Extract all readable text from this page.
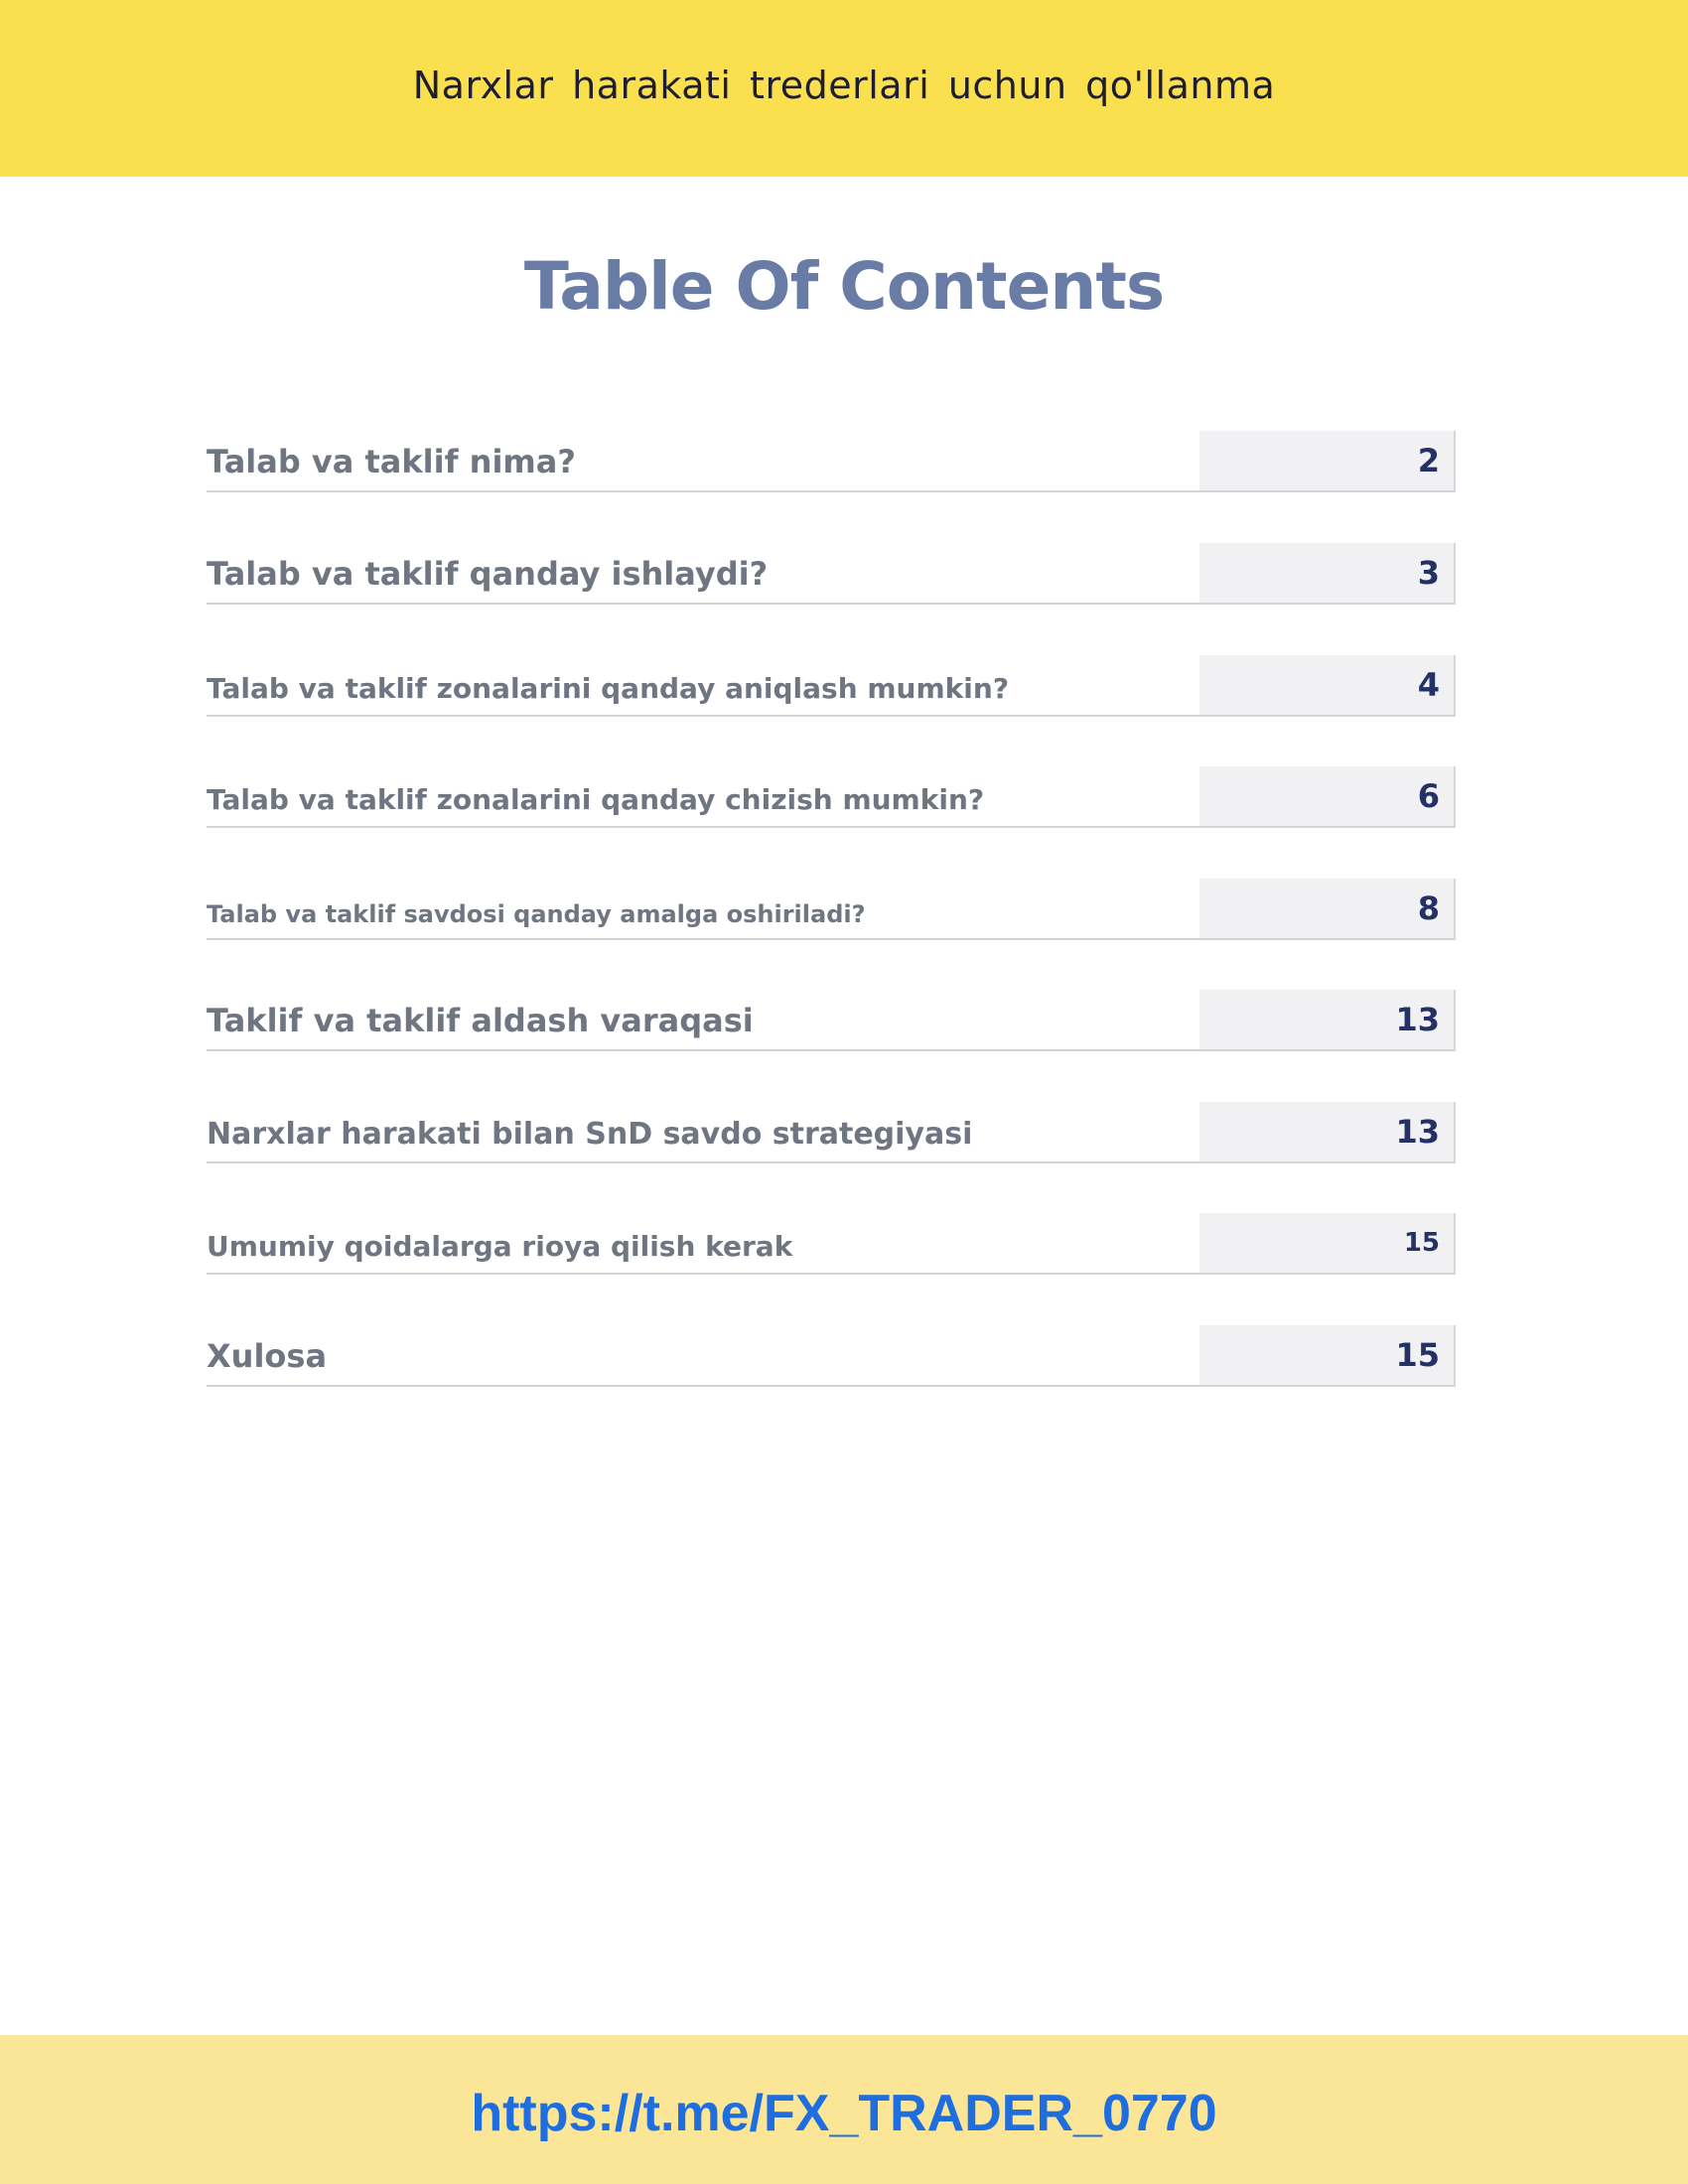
Narxlar harakati trederlari uchun qo'llanma
Table Of Contents
Talab va taklif nima?	2
Talab va taklif qanday ishlaydi?	3
Talab va taklif zonalarini qanday aniqlash mumkin?	4
Talab va taklif zonalarini qanday chizish mumkin?	6
Talab va taklif savdosi qanday amalga oshiriladi?	8
Taklif va taklif aldash varaqasi	13
Narxlar harakati bilan SnD savdo strategiyasi	13
Umumiy qoidalarga rioya qilish kerak	15
Xulosa	15
https://t.me/FX_TRADER_0770
